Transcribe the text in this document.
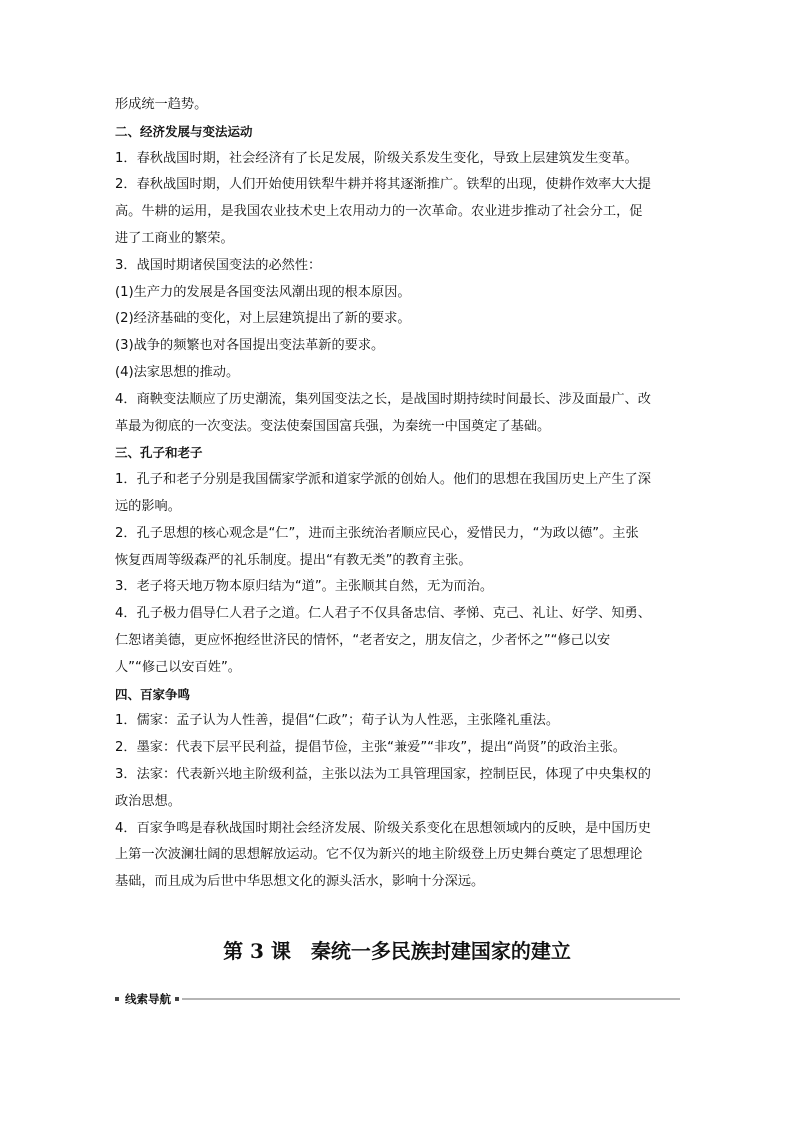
形成统一趋势。
二、经济发展与变法运动
1．春秋战国时期，社会经济有了长足发展，阶级关系发生变化，导致上层建筑发生变革。
2．春秋战国时期，人们开始使用铁犁牛耕并将其逐渐推广。铁犁的出现，使耕作效率大大提
高。牛耕的运用，是我国农业技术史上农用动力的一次革命。农业进步推动了社会分工，促
进了工商业的繁荣。
3．战国时期诸侯国变法的必然性：
(1)生产力的发展是各国变法风潮出现的根本原因。
(2)经济基础的变化，对上层建筑提出了新的要求。
(3)战争的频繁也对各国提出变法革新的要求。
(4)法家思想的推动。
4．商鞅变法顺应了历史潮流，集列国变法之长，是战国时期持续时间最长、涉及面最广、改
革最为彻底的一次变法。变法使秦国国富兵强，为秦统一中国奠定了基础。
三、孔子和老子
1．孔子和老子分别是我国儒家学派和道家学派的创始人。他们的思想在我国历史上产生了深
远的影响。
2．孔子思想的核心观念是“仁”，进而主张统治者顺应民心，爱惜民力，“为政以德”。主张
恢复西周等级森严的礼乐制度。提出“有教无类”的教育主张。
3．老子将天地万物本原归结为“道”。主张顺其自然，无为而治。
4．孔子极力倡导仁人君子之道。仁人君子不仅具备忠信、孝悌、克己、礼让、好学、知勇、
仁恕诸美德，更应怀抱经世济民的情怀，“老者安之，朋友信之，少者怀之”“修己以安
人”“修己以安百姓”。
四、百家争鸣
1．儒家：孟子认为人性善，提倡“仁政”；荀子认为人性恶，主张隆礼重法。
2．墨家：代表下层平民利益，提倡节俭，主张“兼爱”“非攻”，提出“尚贤”的政治主张。
3．法家：代表新兴地主阶级利益，主张以法为工具管理国家，控制臣民，体现了中央集权的
政治思想。
4．百家争鸣是春秋战国时期社会经济发展、阶级关系变化在思想领域内的反映，是中国历史
上第一次波澜壮阔的思想解放运动。它不仅为新兴的地主阶级登上历史舞台奠定了思想理论
基础，而且成为后世中华思想文化的源头活水，影响十分深远。
第 3 课　秦统一多民族封建国家的建立
线索导航
